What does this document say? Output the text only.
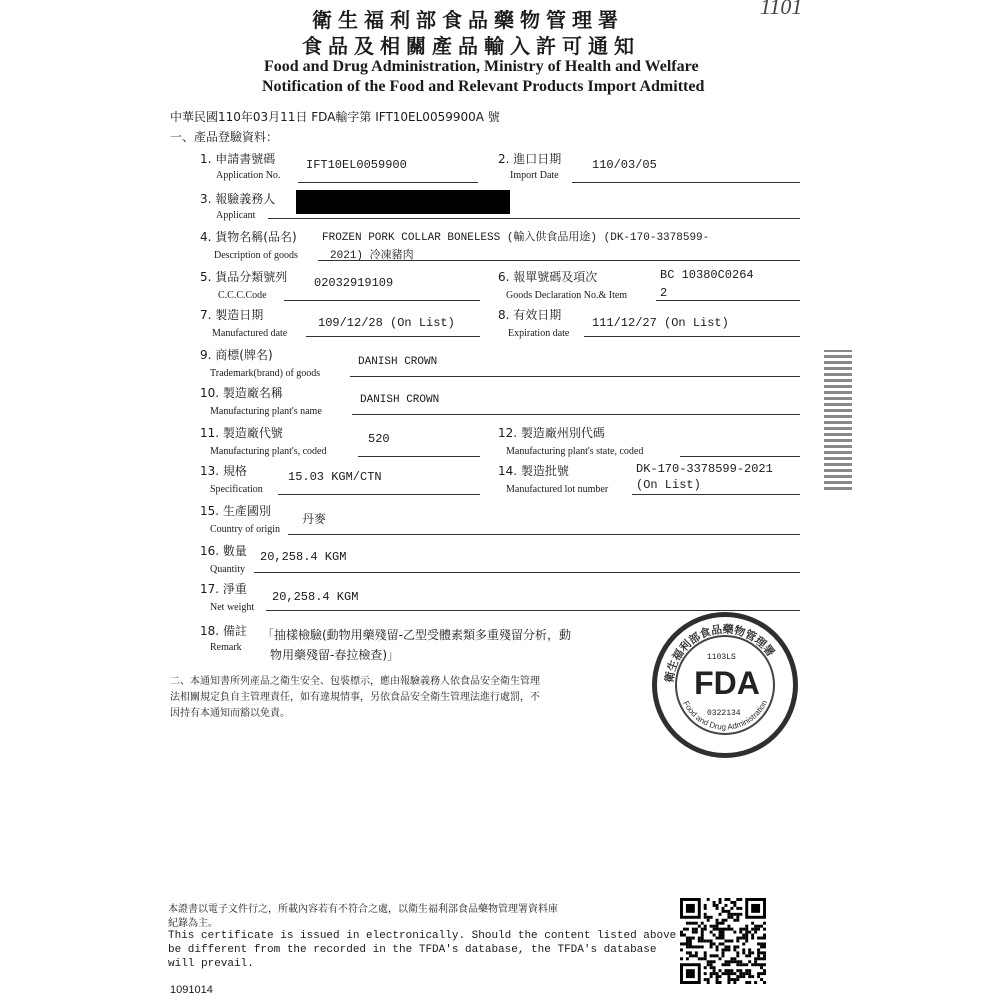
1101
衛生福利部食品藥物管理署
食品及相關產品輸入許可通知
Food and Drug Administration, Ministry of Health and Welfare
Notification of the Food and Relevant Products Import Admitted
中華民國110年03月11日 FDA輸字第 IFT10EL0059900A 號
一、產品登驗資料：
1. 申請書號碼
Application No.
IFT10EL0059900	2. 進口日期
Import Date
110/03/05
3. 報驗義務人
Applicant
4. 貨物名稱(品名) FROZEN PORK COLLAR BONELESS (輸入供食品用途) (DK-170-3378599-
Description of goods	2021) 冷凍豬肉
5. 貨品分類號列
C.C.C.Code
02032919109	6. 報單號碼及項次	BC 10380C0264
Goods Declaration No.& Item	2
7. 製造日期
Manufactured date
109/12/28 (On List)
8. 有效日期
Expiration date
111/12/27 (On List)
9. 商標(牌名)
Trademark(brand) of goods
DANISH CROWN
10. 製造廠名稱
Manufacturing plant's name
DANISH CROWN
11. 製造廠代號
Manufacturing plant's, coded
520	12. 製造廠州別代碼
Manufacturing plant's state, coded
13. 規格
Specification
15.03 KGM/CTN	14. 製造批號	DK-170-3378599-2021
Manufactured lot number (On List)
15. 生產國別
丹麥
Country of origin
16. 數量 20,258.4 KGM
Quantity
17. 淨重
20,258.4 KGM
Net weight
18. 備註
Remark
「抽樣檢驗(動物用藥殘留-乙型受體素類多重殘留分析，動
物用藥殘留-春拉檢查)」
二、本通知書所列產品之衛生安全、包裝標示，應由報驗義務人依食品安全衛生管理
法相關規定負自主管理責任，如有違規情事，另依食品安全衛生管理法進行處罰，不
因持有本通知而豁以免責。
衛生福利部食品藥物管理署
Food and Drug Administration
1103LS
FDA
0322134
本證書以電子文件行之，所載內容若有不符合之處，以衛生福利部食品藥物管理署資料庫
紀錄為主。
This certificate is issued in electronically. Should the content listed above
be different from the recorded in the TFDA's database, the TFDA's database
will prevail.
1091014
